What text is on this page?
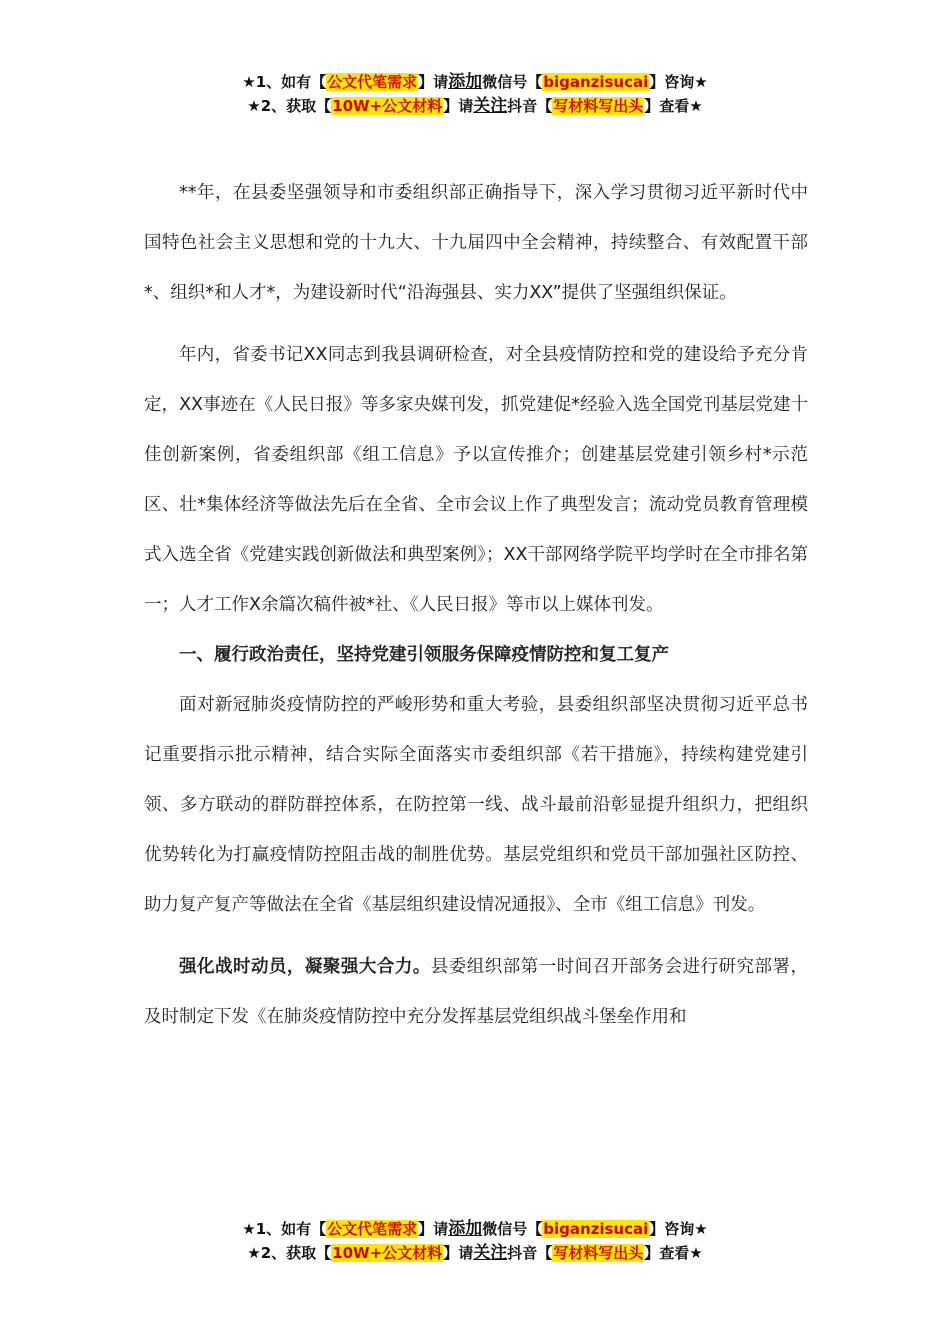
★1、如有【公文代笔需求】请添加微信号【biganzisucai】咨询★
★2、获取【10W+公文材料】请关注抖音【写材料写出头】查看★

**年，在县委坚强领导和市委组织部正确指导下，深入学习贯彻习近平新时代中国特色社会主义思想和党的十九大、十九届四中全会精神，持续整合、有效配置干部*、组织*和人才*，为建设新时代“沿海强县、实力XX”提供了坚强组织保证。

年内，省委书记XX同志到我县调研检查，对全县疫情防控和党的建设给予充分肯定，XX事迹在《人民日报》等多家央媒刊发，抓党建促*经验入选全国党刊基层党建十佳创新案例，省委组织部《组工信息》予以宣传推介；创建基层党建引领乡村*示范区、壮*集体经济等做法先后在全省、全市会议上作了典型发言；流动党员教育管理模式入选全省《党建实践创新做法和典型案例》；XX干部网络学院平均学时在全市排名第一；人才工作X余篇次稿件被*社、《人民日报》等市以上媒体刊发。

一、履行政治责任，坚持党建引领服务保障疫情防控和复工复产

面对新冠肺炎疫情防控的严峻形势和重大考验，县委组织部坚决贯彻习近平总书记重要指示批示精神，结合实际全面落实市委组织部《若干措施》，持续构建党建引领、多方联动的群防群控体系，在防控第一线、战斗最前沿彰显提升组织力，把组织优势转化为打赢疫情防控阻击战的制胜优势。基层党组织和党员干部加强社区防控、助力复产复产等做法在全省《基层组织建设情况通报》、全市《组工信息》刊发。

强化战时动员，凝聚强大合力。县委组织部第一时间召开部务会进行研究部署，及时制定下发《在肺炎疫情防控中充分发挥基层党组织战斗堡垒作用和

★1、如有【公文代笔需求】请添加微信号【biganzisucai】咨询★
★2、获取【10W+公文材料】请关注抖音【写材料写出头】查看★
